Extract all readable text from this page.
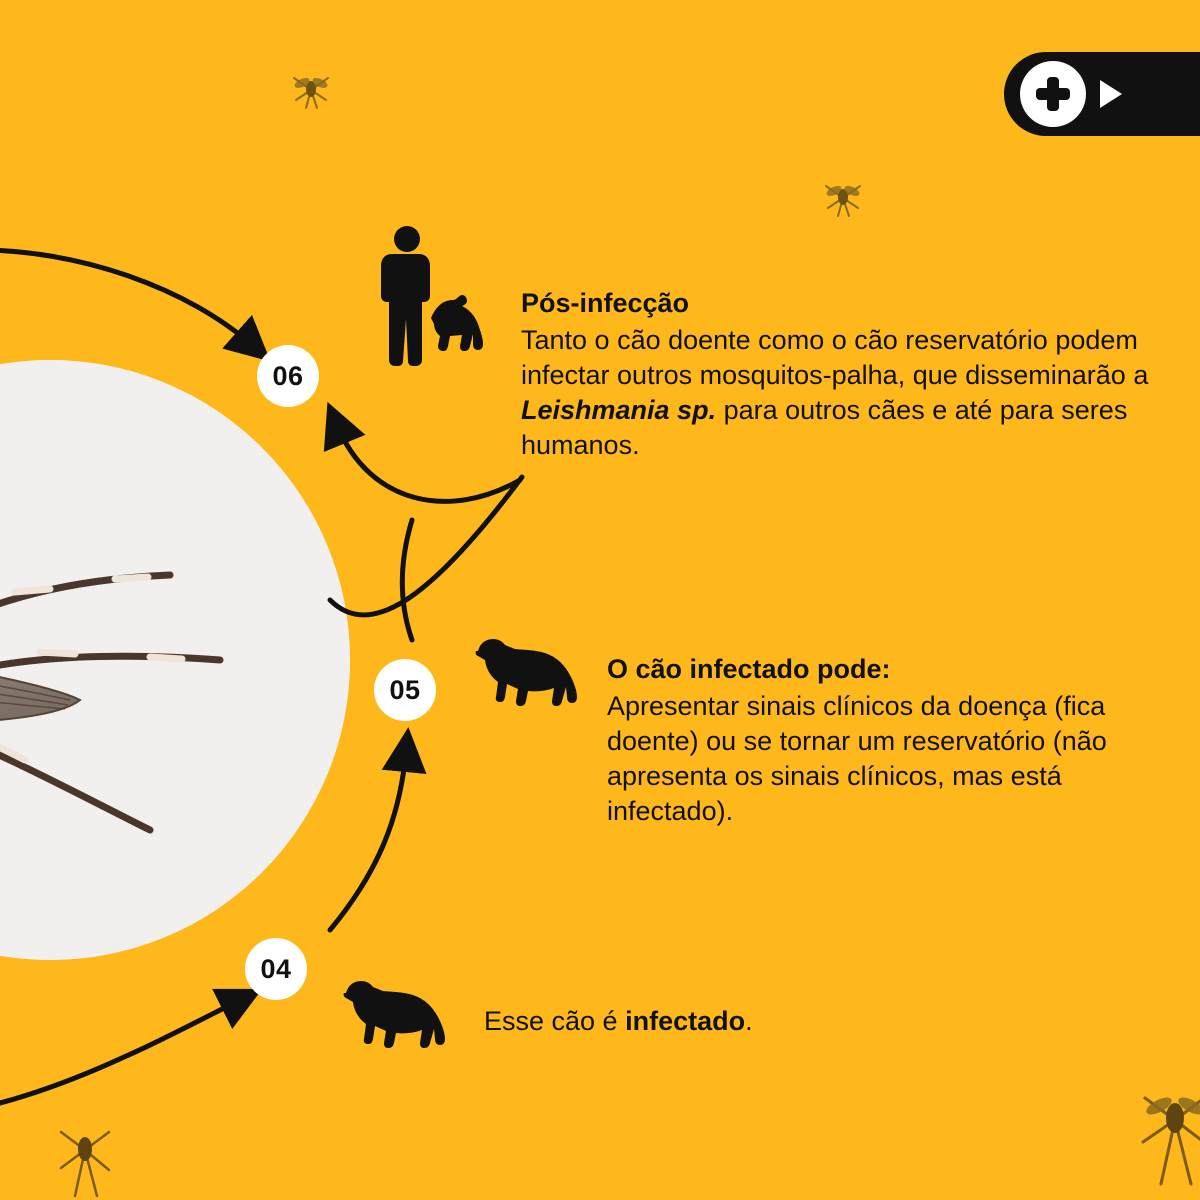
06
Pós-infecção
Tanto o cão doente como o cão reservatório podem infectar outros mosquitos-palha, que disseminarão a Leishmania sp. para outros cães e até para seres humanos.
05
O cão infectado pode:
Apresentar sinais clínicos da doença (fica doente) ou se tornar um reservatório (não apresenta os sinais clínicos, mas está infectado).
04
Esse cão é infectado.
